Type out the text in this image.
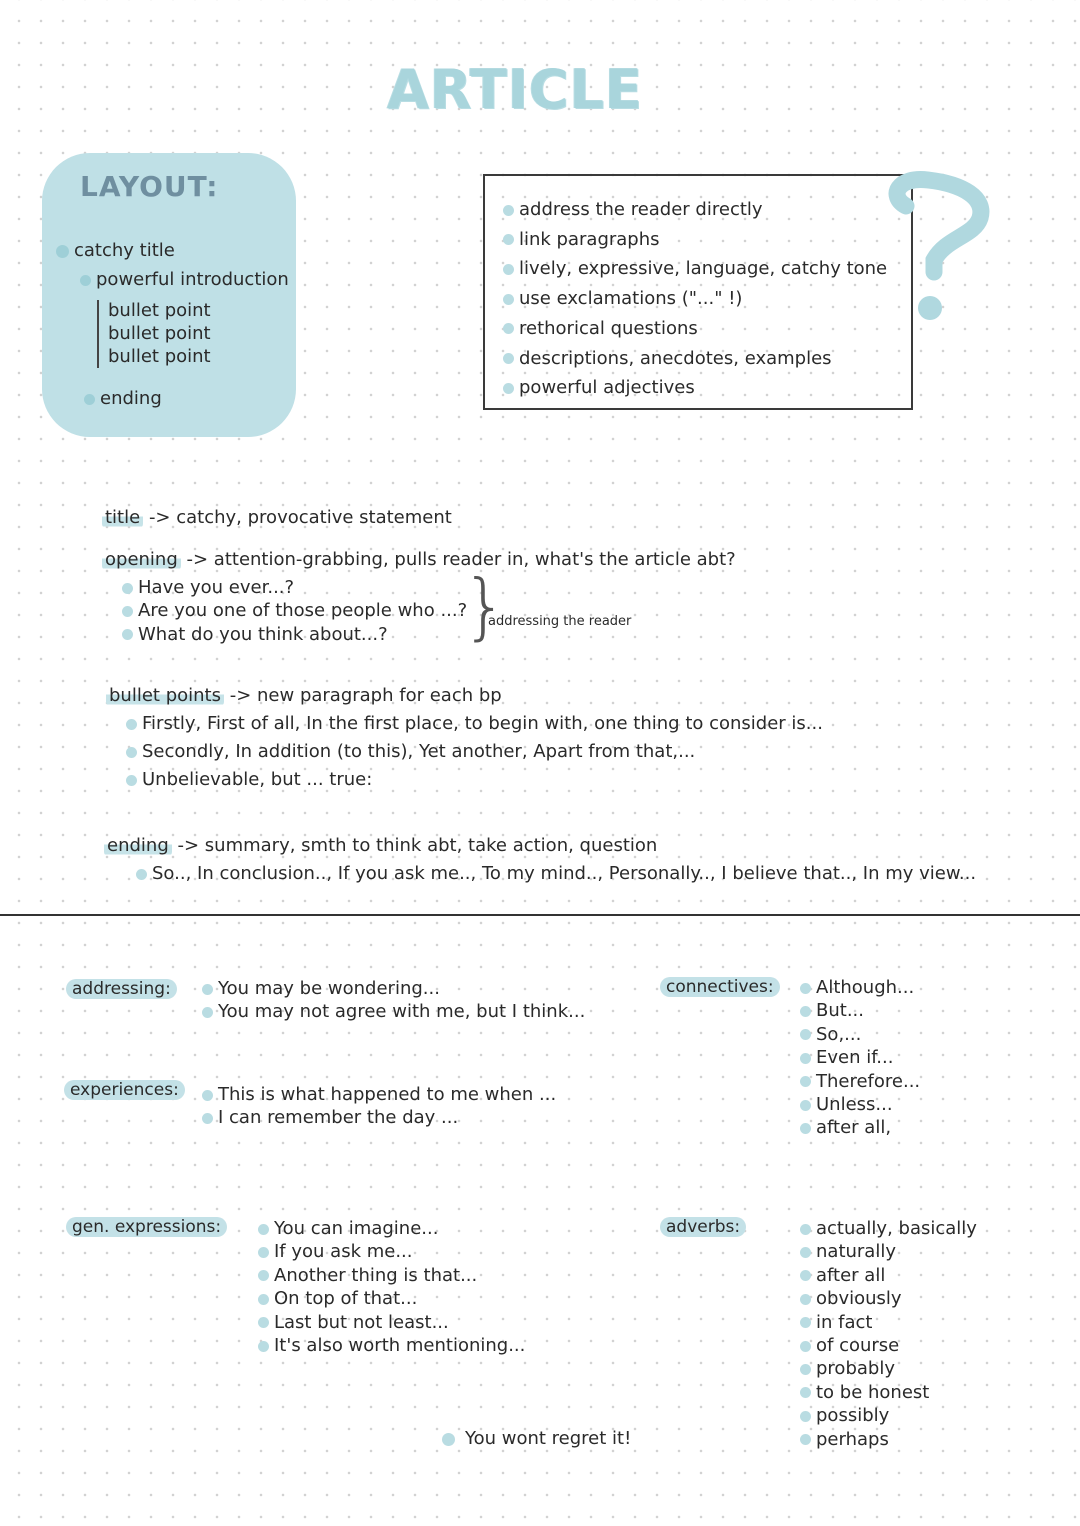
ARTICLE
LAYOUT:
catchy title
powerful introduction
bullet point
bullet point
bullet point
ending
address the reader directly
link paragraphs
lively, expressive, language, catchy tone
use exclamations ("..." !)
rethorical questions
descriptions, anecdotes, examples
powerful adjectives
title -> catchy, provocative statement
opening -> attention-grabbing, pulls reader in, what's the article abt?
Have you ever...?
Are you one of those people who ...?
What do you think about...?	}
addressing the reader
bullet points -> new paragraph for each bp
Firstly, First of all, In the first place, to begin with, one thing to consider is...
Secondly, In addition (to this), Yet another, Apart from that,...
Unbelievable, but ... true:
ending -> summary, smth to think abt, take action, question
So.., In conclusion.., If you ask me.., To my mind.., Personally.., I believe that.., In my view...
addressing:	You may be wondering...
You may not agree with me, but I think...
experiences:	This is what happened to me when ...
I can remember the day ...
gen. expressions:	You can imagine...
If you ask me...
Another thing is that...
On top of that...
Last but not least...
It's also worth mentioning...
connectives:	Although...
But...
So,...
Even if...
Therefore...
Unless...
after all,
adverbs:	actually, basically
naturally
after all
obviously
in fact
of course
probably
to be honest
possibly
perhaps
You wont regret it!
